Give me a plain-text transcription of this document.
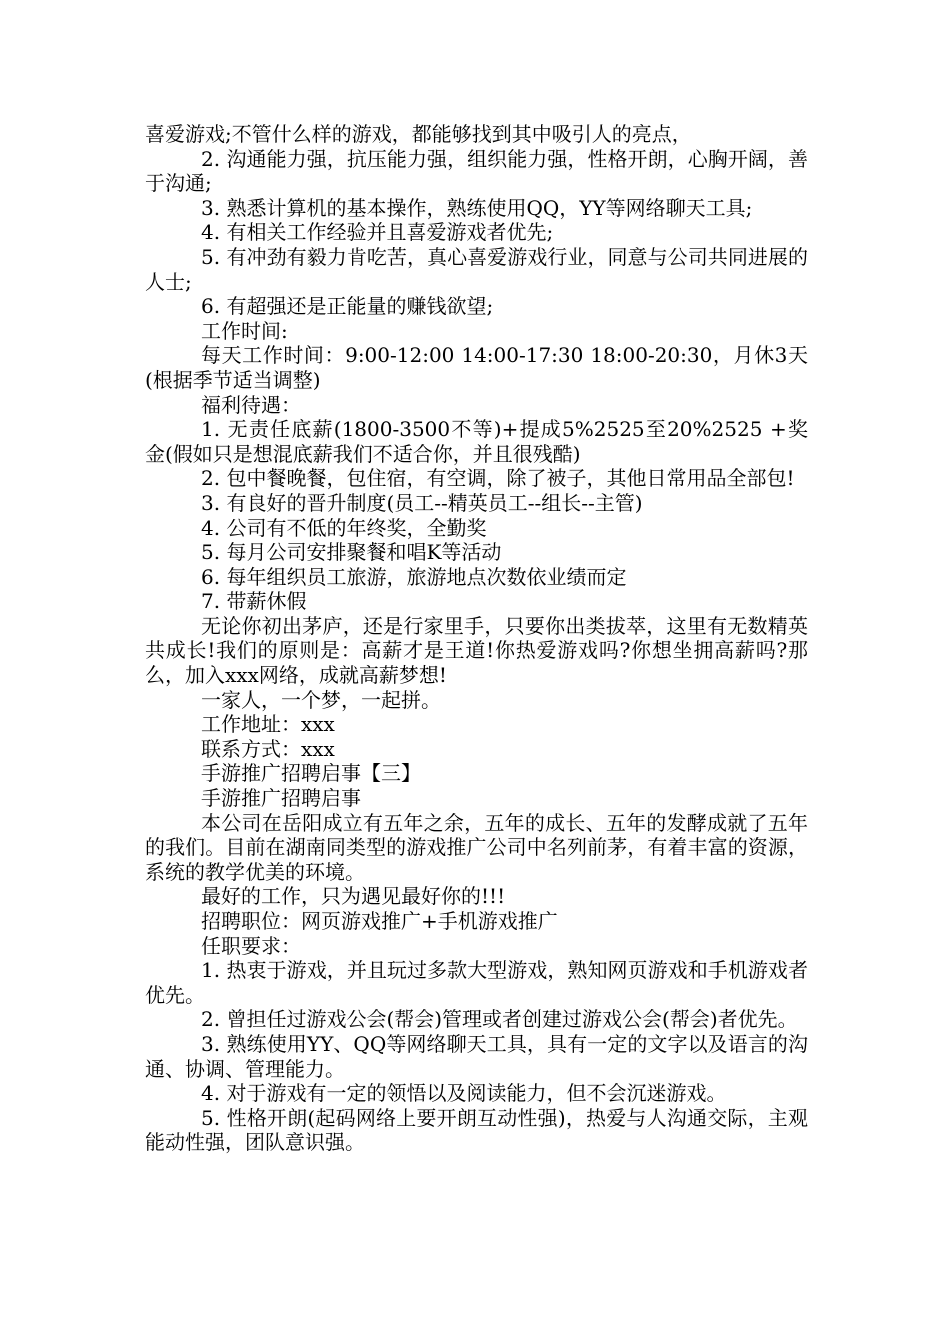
喜爱游戏;不管什么样的游戏，都能够找到其中吸引人的亮点，

2. 沟通能力强，抗压能力强，组织能力强，性格开朗，心胸开阔，善于沟通;

3. 熟悉计算机的基本操作，熟练使用QQ，YY等网络聊天工具;

4. 有相关工作经验并且喜爱游戏者优先;

5. 有冲劲有毅力肯吃苦，真心喜爱游戏行业，同意与公司共同进展的人士;

6. 有超强还是正能量的赚钱欲望;

工作时间:

每天工作时间：9:00-12:00 14:00-17:30 18:00-20:30，月休3天(根据季节适当调整)

福利待遇：

1. 无责任底薪(1800-3500不等)+提成5%2525至20%2525 +奖金(假如只是想混底薪我们不适合你，并且很残酷)

2. 包中餐晚餐，包住宿，有空调，除了被子，其他日常用品全部包!

3. 有良好的晋升制度(员工--精英员工--组长--主管)

4. 公司有不低的年终奖，全勤奖

5. 每月公司安排聚餐和唱K等活动

6. 每年组织员工旅游，旅游地点次数依业绩而定

7. 带薪休假

无论你初出茅庐，还是行家里手，只要你出类拔萃，这里有无数精英共成长!我们的原则是：高薪才是王道!你热爱游戏吗?你想坐拥高薪吗?那么，加入xxx网络，成就高薪梦想!

一家人，一个梦，一起拼。

工作地址：xxx

联系方式：xxx

手游推广招聘启事【三】

手游推广招聘启事

本公司在岳阳成立有五年之余，五年的成长、五年的发酵成就了五年的我们。目前在湖南同类型的游戏推广公司中名列前茅，有着丰富的资源，系统的教学优美的环境。

最好的工作，只为遇见最好你的!!!

招聘职位：网页游戏推广+手机游戏推广

任职要求：

1. 热衷于游戏，并且玩过多款大型游戏，熟知网页游戏和手机游戏者优先。

2. 曾担任过游戏公会(帮会)管理或者创建过游戏公会(帮会)者优先。

3. 熟练使用YY、QQ等网络聊天工具，具有一定的文字以及语言的沟通、协调、管理能力。

4. 对于游戏有一定的领悟以及阅读能力，但不会沉迷游戏。

5. 性格开朗(起码网络上要开朗互动性强)，热爱与人沟通交际，主观能动性强，团队意识强。
